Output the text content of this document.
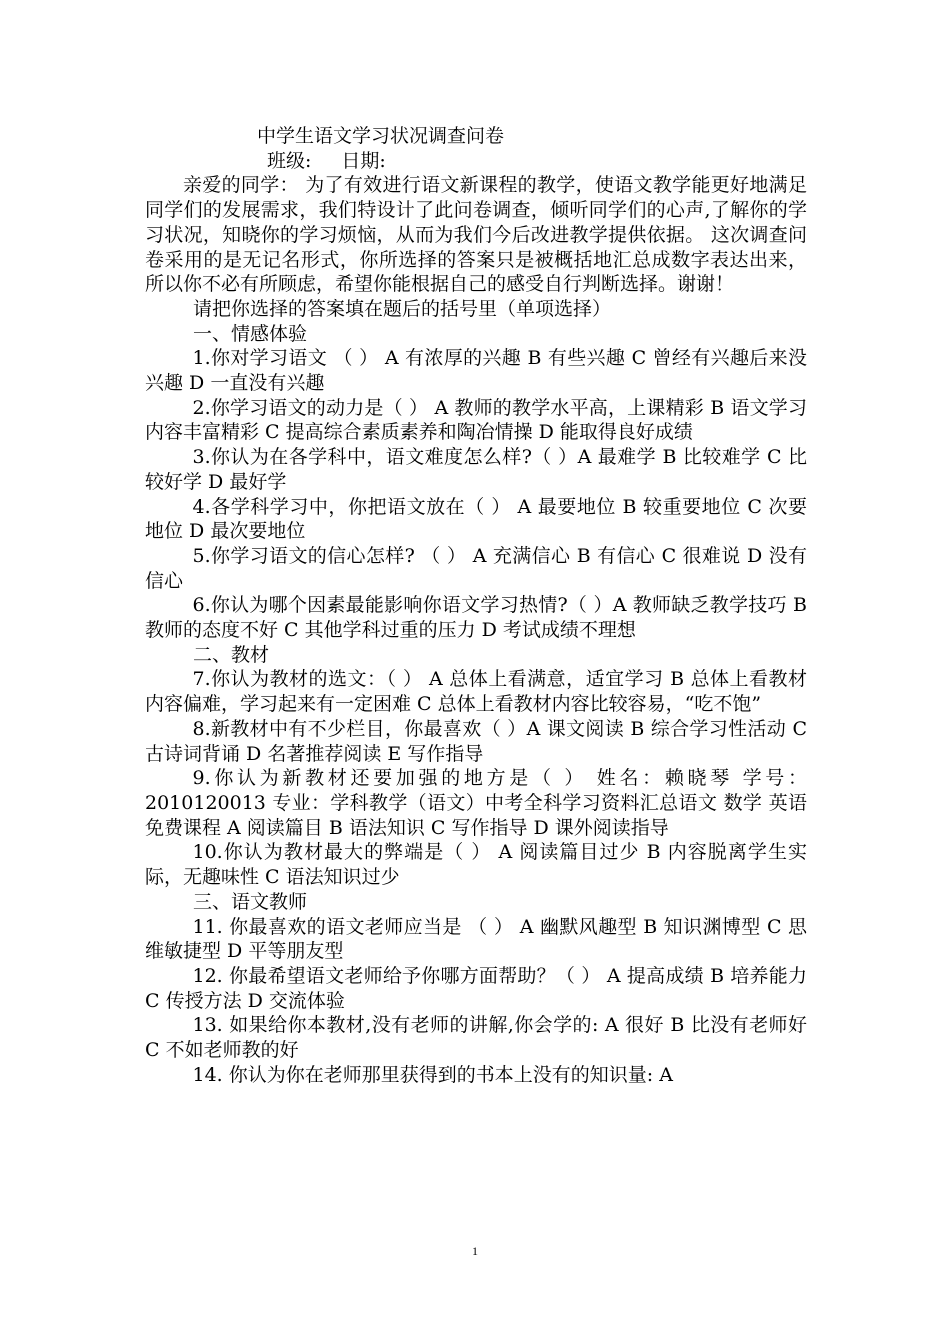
中学生语文学习状况调查问卷
班级: 日期:

亲爱的同学： 为了有效进行语文新课程的教学，使语文教学能更好地满足同学们的发展需求，我们特设计了此问卷调查，倾听同学们的心声,了解你的学习状况，知晓你的学习烦恼，从而为我们今后改进教学提供依据。 这次调查问卷采用的是无记名形式，你所选择的答案只是被概括地汇总成数字表达出来，所以你不必有所顾虑，希望你能根据自己的感受自行判断选择。谢谢！

请把你选择的答案填在题后的括号里（单项选择）

一、情感体验

1.你对学习语文 （ ） A 有浓厚的兴趣 B 有些兴趣 C 曾经有兴趣后来没兴趣 D 一直没有兴趣

2.你学习语文的动力是（ ） A 教师的教学水平高，上课精彩 B 语文学习内容丰富精彩 C 提高综合素质素养和陶冶情操 D 能取得良好成绩

3.你认为在各学科中，语文难度怎么样?（ ）A 最难学 B 比较难学 C 比较好学 D 最好学

4.各学科学习中，你把语文放在（ ） A 最要地位 B 较重要地位 C 次要地位 D 最次要地位

5.你学习语文的信心怎样? （ ） A 充满信心 B 有信心 C 很难说 D 没有信心

6.你认为哪个因素最能影响你语文学习热情?（ ）A 教师缺乏教学技巧 B 教师的态度不好 C 其他学科过重的压力 D 考试成绩不理想

二、教材

7.你认为教材的选文：（ ） A 总体上看满意，适宜学习 B 总体上看教材内容偏难，学习起来有一定困难 C 总体上看教材内容比较容易，“吃不饱”

8.新教材中有不少栏目，你最喜欢（ ）A 课文阅读 B 综合学习性活动 C 古诗词背诵 D 名著推荐阅读 E 写作指导

9.你认为新教材还要加强的地方是（ ） 姓名：赖晓琴 学号：2010120013 专业：学科教学（语文）中考全科学习资料汇总语文 数学 英语 免费课程 A 阅读篇目 B 语法知识 C 写作指导 D 课外阅读指导

10.你认为教材最大的弊端是（ ） A 阅读篇目过少 B 内容脱离学生实际，无趣味性 C 语法知识过少

三、语文教师

11. 你最喜欢的语文老师应当是 （ ） A 幽默风趣型 B 知识渊博型 C 思维敏捷型 D 平等朋友型

12. 你最希望语文老师给予你哪方面帮助？（ ） A 提高成绩 B 培养能力 C 传授方法 D 交流体验

13. 如果给你本教材,没有老师的讲解,你会学的: A 很好 B 比没有老师好 C 不如老师教的好

14. 你认为你在老师那里获得到的书本上没有的知识量: A

1
